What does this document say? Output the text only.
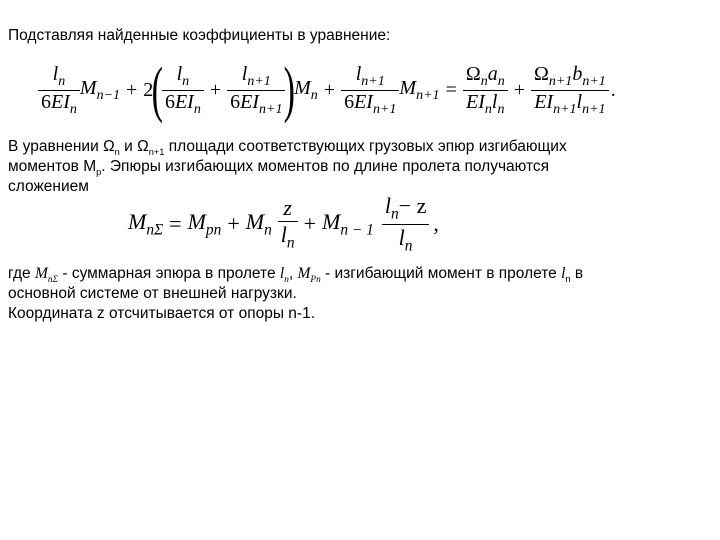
Подставляя найденные коэффициенты в уравнение:
$\frac{l_n}{6EI_n} M_{n-1} + 2$
(
$\frac{l_n}{6EI_n} + \frac{l_{n+1}}{6EI_{n+1}}$
)
$M_n + \frac{l_{n+1}}{6EI_{n+1}} M_{n+1} = \frac{\Omega_na_n}{EI_nl_n} + \frac{\Omega_{n+1}b_{n+1}}{EI_{n+1}l_{n+1}}$ .
В уравнении $\Omega_n$ и $\Omega_{n+1}$ площади соответствующих грузовых эпюр изгибающих
моментов $M_p$. Эпюры изгибающих моментов по длине пролета получаются
сложением
$M_{n\Sigma} = M_{pn} + M_n \frac{z}{l_n} + M_{n - 1} \frac{l_n- z}{l_n}$ ,
где $M_{n\Sigma}$ - суммарная эпюра в пролете $l_n$, $M_{Pn}$ - изгибающий момент в пролете $l_n$ в
основной системе от внешней нагрузки.
Координата z отсчитывается от опоры n-1.
